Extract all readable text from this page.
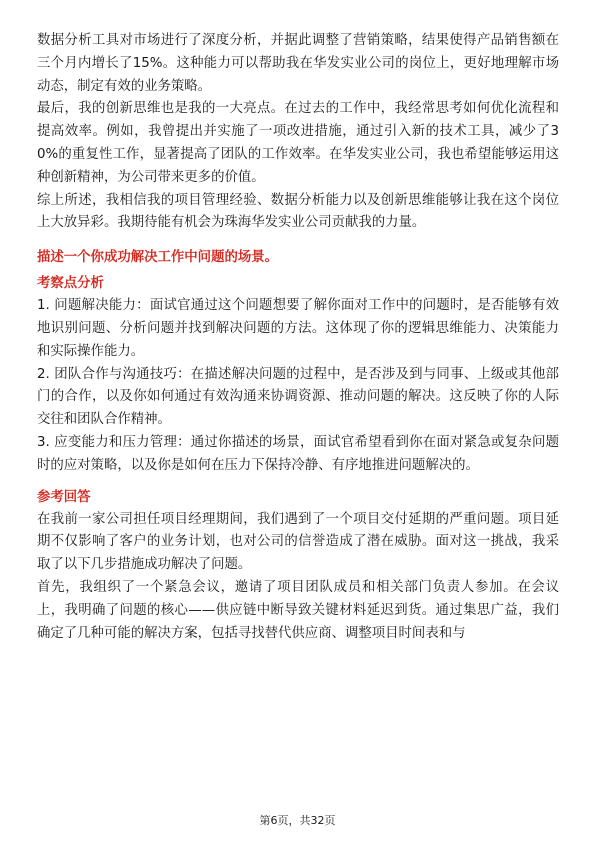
数据分析工具对市场进行了深度分析，并据此调整了营销策略，结果使得产品销售额在三个月内增长了15%。这种能力可以帮助我在华发实业公司的岗位上，更好地理解市场动态，制定有效的业务策略。

最后，我的创新思维也是我的一大亮点。在过去的工作中，我经常思考如何优化流程和提高效率。例如，我曾提出并实施了一项改进措施，通过引入新的技术工具，减少了30%的重复性工作，显著提高了团队的工作效率。在华发实业公司，我也希望能够运用这种创新精神，为公司带来更多的价值。

综上所述，我相信我的项目管理经验、数据分析能力以及创新思维能够让我在这个岗位上大放异彩。我期待能有机会为珠海华发实业公司贡献我的力量。

描述一个你成功解决工作中问题的场景。

考察点分析

1. 问题解决能力：面试官通过这个问题想要了解你面对工作中的问题时，是否能够有效地识别问题、分析问题并找到解决问题的方法。这体现了你的逻辑思维能力、决策能力和实际操作能力。

2. 团队合作与沟通技巧：在描述解决问题的过程中，是否涉及到与同事、上级或其他部门的合作，以及你如何通过有效沟通来协调资源、推动问题的解决。这反映了你的人际交往和团队合作精神。

3. 应变能力和压力管理：通过你描述的场景，面试官希望看到你在面对紧急或复杂问题时的应对策略，以及你是如何在压力下保持冷静、有序地推进问题解决的。

参考回答

在我前一家公司担任项目经理期间，我们遇到了一个项目交付延期的严重问题。项目延期不仅影响了客户的业务计划，也对公司的信誉造成了潜在威胁。面对这一挑战，我采取了以下几步措施成功解决了问题。

首先，我组织了一个紧急会议，邀请了项目团队成员和相关部门负责人参加。在会议上，我明确了问题的核心——供应链中断导致关键材料延迟到货。通过集思广益，我们确定了几种可能的解决方案，包括寻找替代供应商、调整项目时间表和与

第6页，共32页
